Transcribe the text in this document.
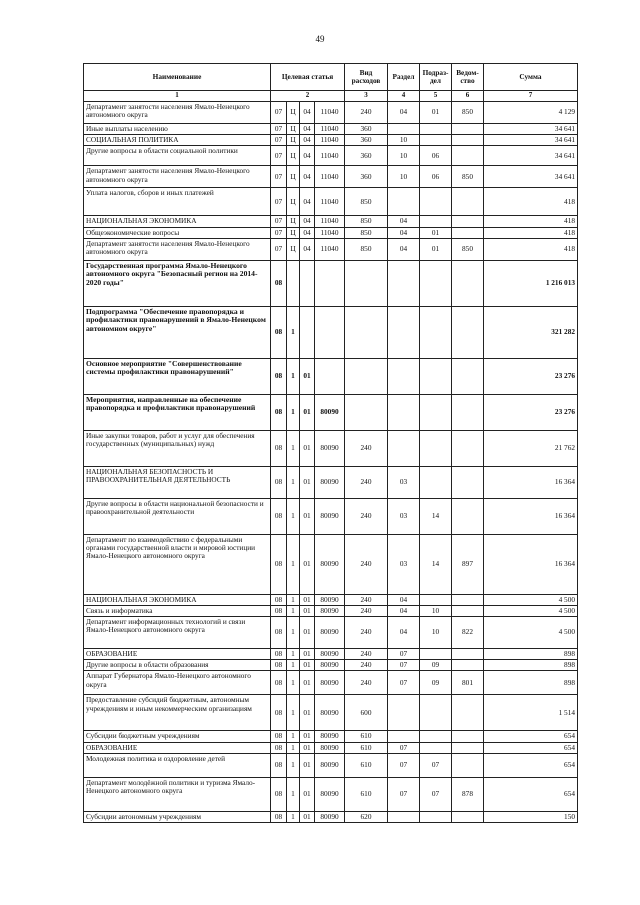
49
Наименование	Целевая статья				Вид расходов	Раздел	Подраз-дел	Ведом-ство	Сумма
1	2				3	4	5	6	7
Департамент занятости населения Ямало-Ненецкого автономного округа	07	Ц	04	11040	240	04	01	850	4 129
Иные выплаты населению	07	Ц	04	11040	360				34 641
СОЦИАЛЬНАЯ ПОЛИТИКА	07	Ц	04	11040	360	10			34 641
Другие вопросы в области социальной политики	07	Ц	04	11040	360	10	06		34 641
Департамент занятости населения Ямало-Ненецкого автономного округа	07	Ц	04	11040	360	10	06	850	34 641
Уплата налогов, сборов и иных платежей	07	Ц	04	11040	850				418
НАЦИОНАЛЬНАЯ ЭКОНОМИКА	07	Ц	04	11040	850	04			418
Общеэкономические вопросы	07	Ц	04	11040	850	04	01		418
Департамент занятости населения Ямало-Ненецкого автономного округа	07	Ц	04	11040	850	04	01	850	418
Государственная программа Ямало-Ненецкого автономного округа "Безопасный регион на 2014-2020 годы"	08								1 216 013
Подпрограмма "Обеспечение правопорядка и профилактики правонарушений в Ямало-Ненецком автономном округе"	08	1							321 282
Основное мероприятие "Совершенствование системы профилактики правонарушений"	08	1	01						23 276
Мероприятия, направленные на обеспечение правопорядка и профилактики правонарушений	08	1	01	80090					23 276
Иные закупки товаров, работ и услуг для обеспечения государственных (муниципальных) нужд	08	1	01	80090	240				21 762
НАЦИОНАЛЬНАЯ БЕЗОПАСНОСТЬ И ПРАВООХРАНИТЕЛЬНАЯ ДЕЯТЕЛЬНОСТЬ	08	1	01	80090	240	03			16 364
Другие вопросы в области национальной безопасности и правоохранительной деятельности	08	1	01	80090	240	03	14		16 364
Департамент по взаимодействию с федеральными органами государственной власти и мировой юстиции Ямало-Ненецкого автономного округа	08	1	01	80090	240	03	14	897	16 364
НАЦИОНАЛЬНАЯ ЭКОНОМИКА	08	1	01	80090	240	04			4 500
Связь и информатика	08	1	01	80090	240	04	10		4 500
Департамент информационных технологий и связи Ямало-Ненецкого автономного округа	08	1	01	80090	240	04	10	822	4 500
ОБРАЗОВАНИЕ	08	1	01	80090	240	07			898
Другие вопросы в области образования	08	1	01	80090	240	07	09		898
Аппарат Губернатора Ямало-Ненецкого автономного округа	08	1	01	80090	240	07	09	801	898
Предоставление субсидий бюджетным, автономным учреждениям и иным некоммерческим организациям	08	1	01	80090	600				1 514
Субсидии бюджетным учреждениям	08	1	01	80090	610				654
ОБРАЗОВАНИЕ	08	1	01	80090	610	07			654
Молодежная политика и оздоровление детей	08	1	01	80090	610	07	07		654
Департамент молодёжной политики и туризма Ямало-Ненецкого автономного округа	08	1	01	80090	610	07	07	878	654
Субсидии автономным учреждениям	08	1	01	80090	620				150
